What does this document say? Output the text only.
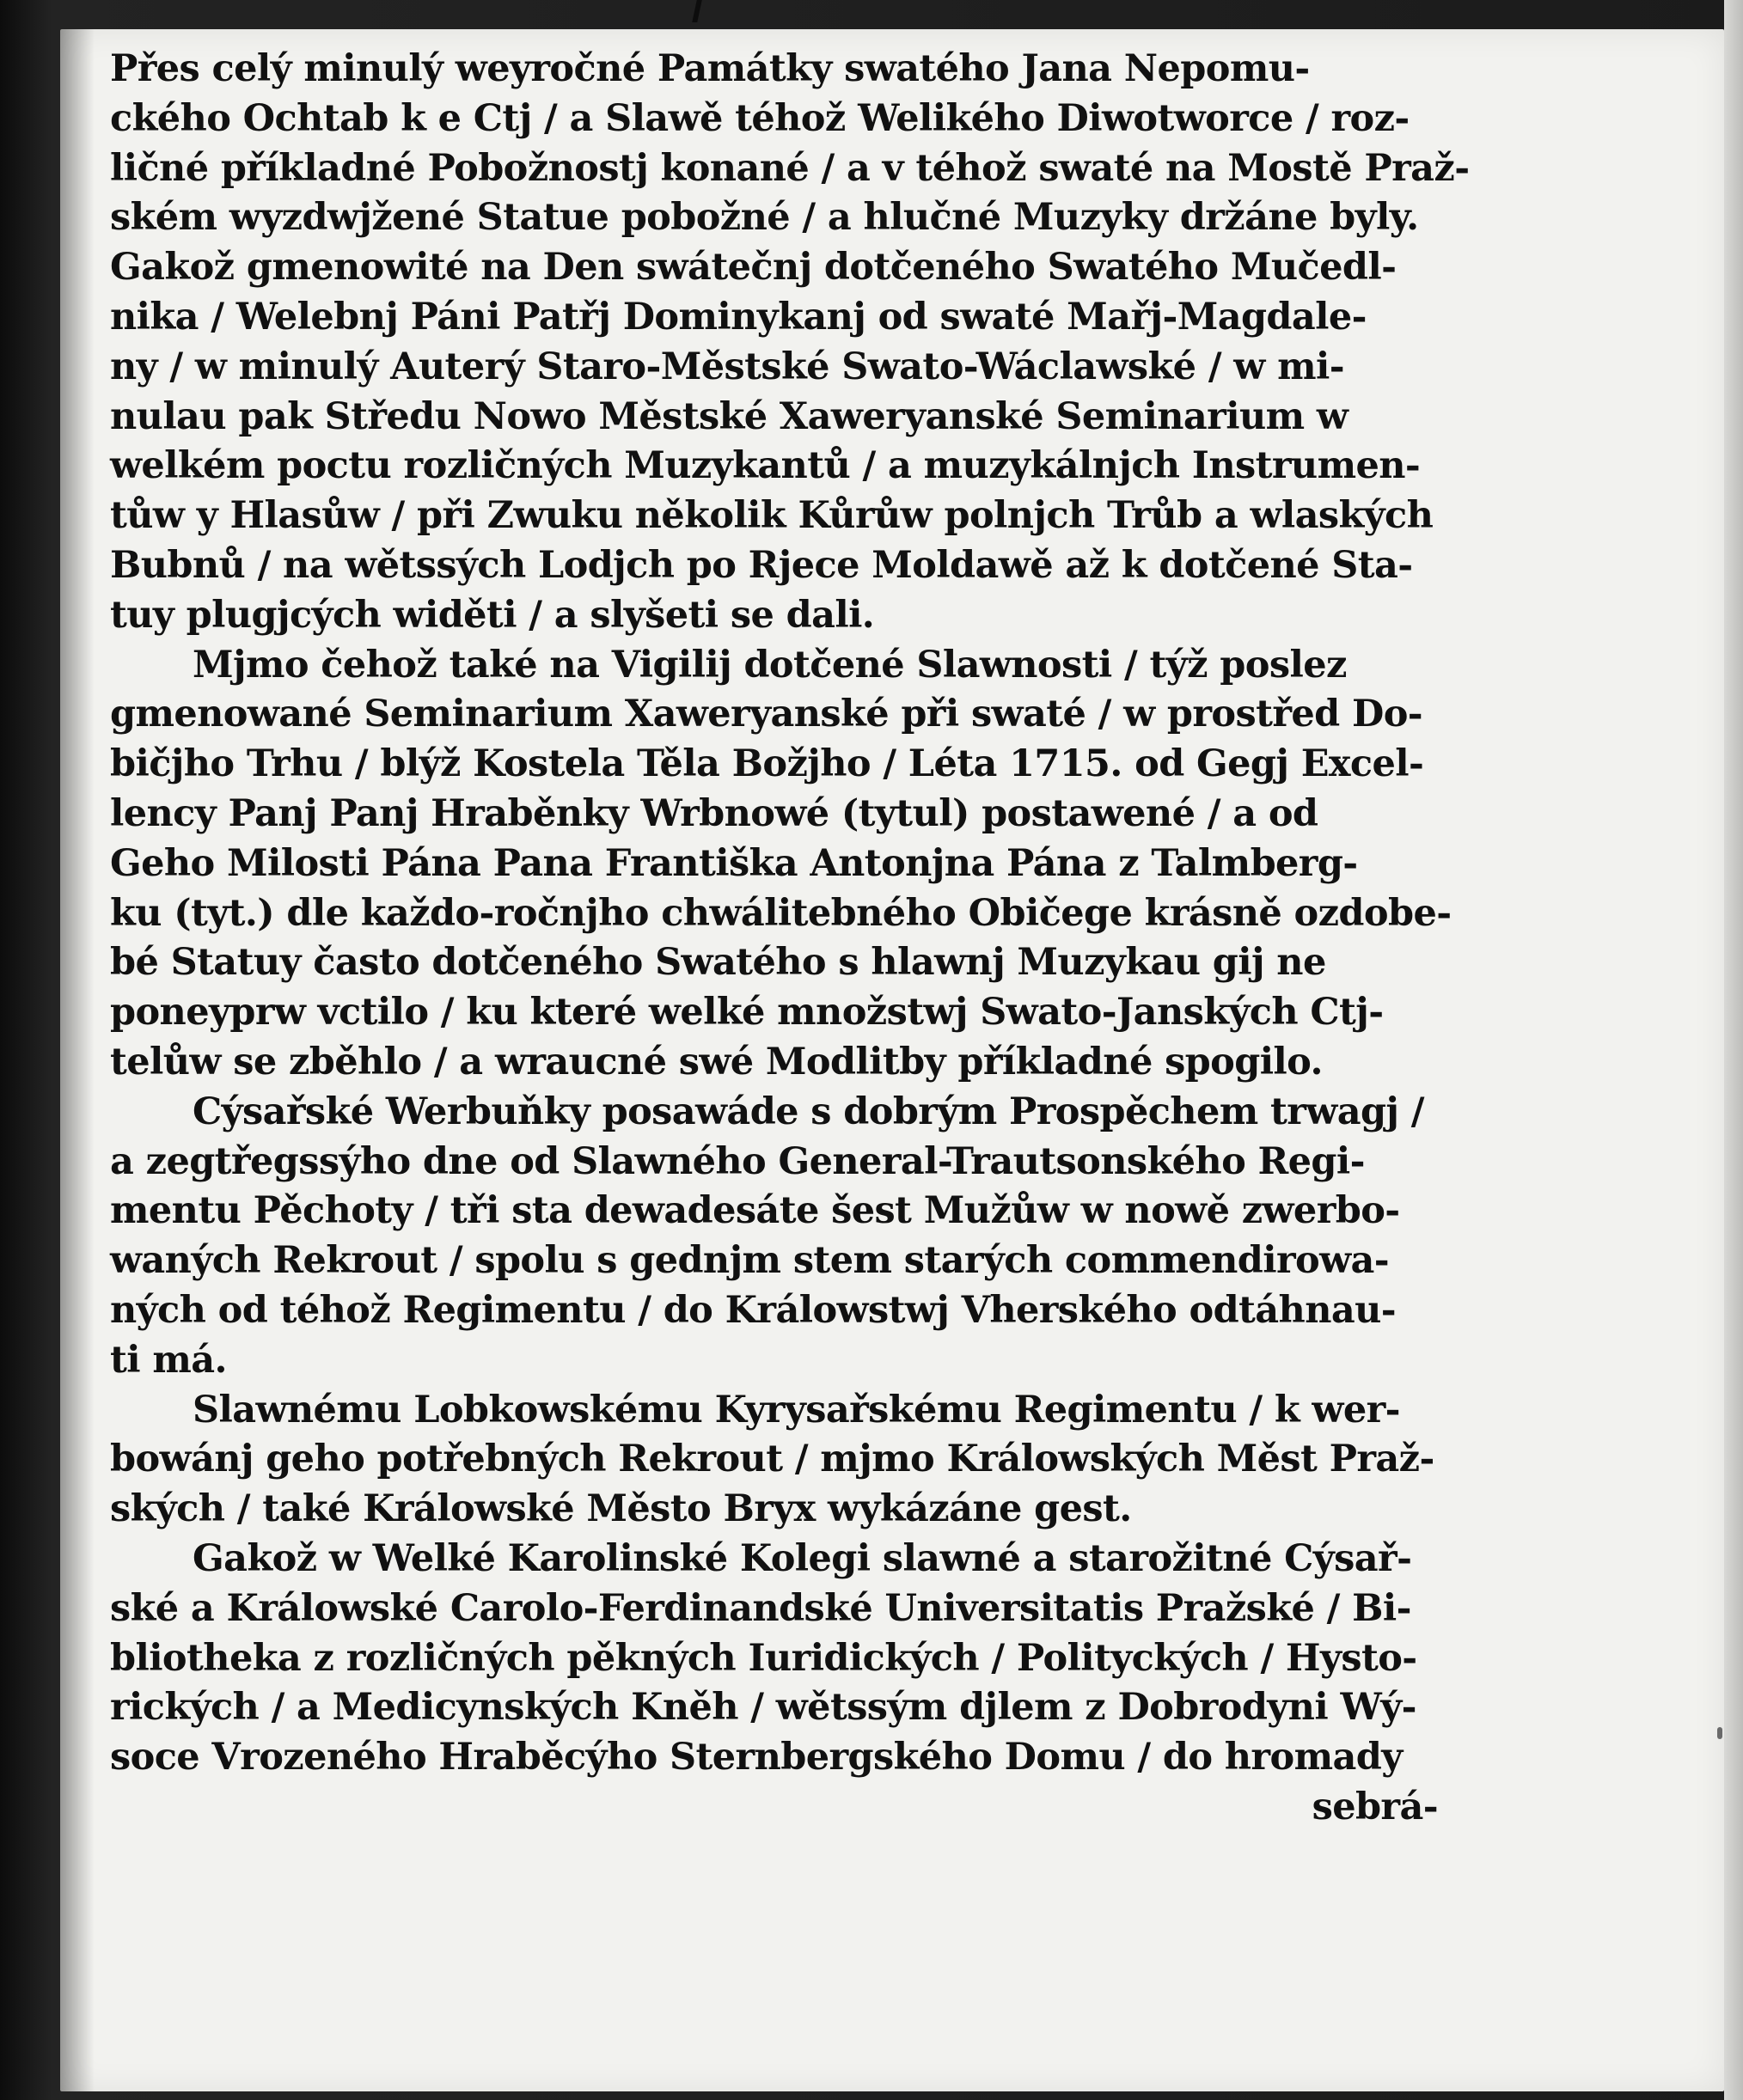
Přes celý minulý weyročné Památky swatého Jana Nepomu-
ckého Ochtab k e Ctj / a Slawě téhož Welikého Diwotworce / roz-
ličné příkladné Pobožnostj konané / a v téhož swaté na Mostě Praž-
ském wyzdwjžené Statue pobožné / a hlučné Muzyky držáne byly.
Gakož gmenowité na Den swátečnj dotčeného Swatého Mučedl-
nika / Welebnj Páni Patřj Dominykanj od swaté Mařj-Magdale-
ny / w minulý Auterý Staro-Městské Swato-Wáclawské / w mi-
nulau pak Středu Nowo Městské Xaweryanské Seminarium w
welkém poctu rozličných Muzykantů / a muzykálnjch Instrumen-
tůw y Hlasůw / při Zwuku několik Kůrůw polnjch Trůb a wlaských
Bubnů / na wětssých Lodjch po Rjece Moldawě až k dotčené Sta-
tuy plugjcých widěti / a slyšeti se dali.
Mjmo čehož také na Vigilij dotčené Slawnosti / týž poslez
gmenowané Seminarium Xaweryanské při swaté / w prostřed Do-
bičjho Trhu / blýž Kostela Těla Božjho / Léta 1715. od Gegj Excel-
lency Panj Panj Hraběnky Wrbnowé (tytul) postawené / a od
Geho Milosti Pána Pana Františka Antonjna Pána z Talmberg-
ku (tyt.) dle každo-ročnjho chwálitebného Običege krásně ozdobe-
bé Statuy často dotčeného Swatého s hlawnj Muzykau gij ne
poneyprw vctilo / ku které welké množstwj Swato-Janských Ctj-
telůw se zběhlo / a wraucné swé Modlitby příkladné spogilo.
Cýsařské Werbuňky posawáde s dobrým Prospěchem trwagj /
a zegtřegssýho dne od Slawného General-Trautsonského Regi-
mentu Pěchoty / tři sta dewadesáte šest Mužůw w nowě zwerbo-
waných Rekrout / spolu s gednjm stem starých commendirowa-
ných od téhož Regimentu / do Králowstwj Vherského odtáhnau-
ti má.
Slawnému Lobkowskému Kyrysařskému Regimentu / k wer-
bowánj geho potřebných Rekrout / mjmo Králowských Měst Praž-
ských / také Králowské Město Bryx wykázáne gest.
Gakož w Welké Karolinské Kolegi slawné a starožitné Cýsař-
ské a Králowské Carolo-Ferdinandské Universitatis Pražské / Bi-
bliotheka z rozličných pěkných Iuridických / Polityckých / Hysto-
rických / a Medicynských Kněh / wětssým djlem z Dobrodyni Wý-
soce Vrozeného Hraběcýho Sternbergského Domu / do hromady
sebrá-
